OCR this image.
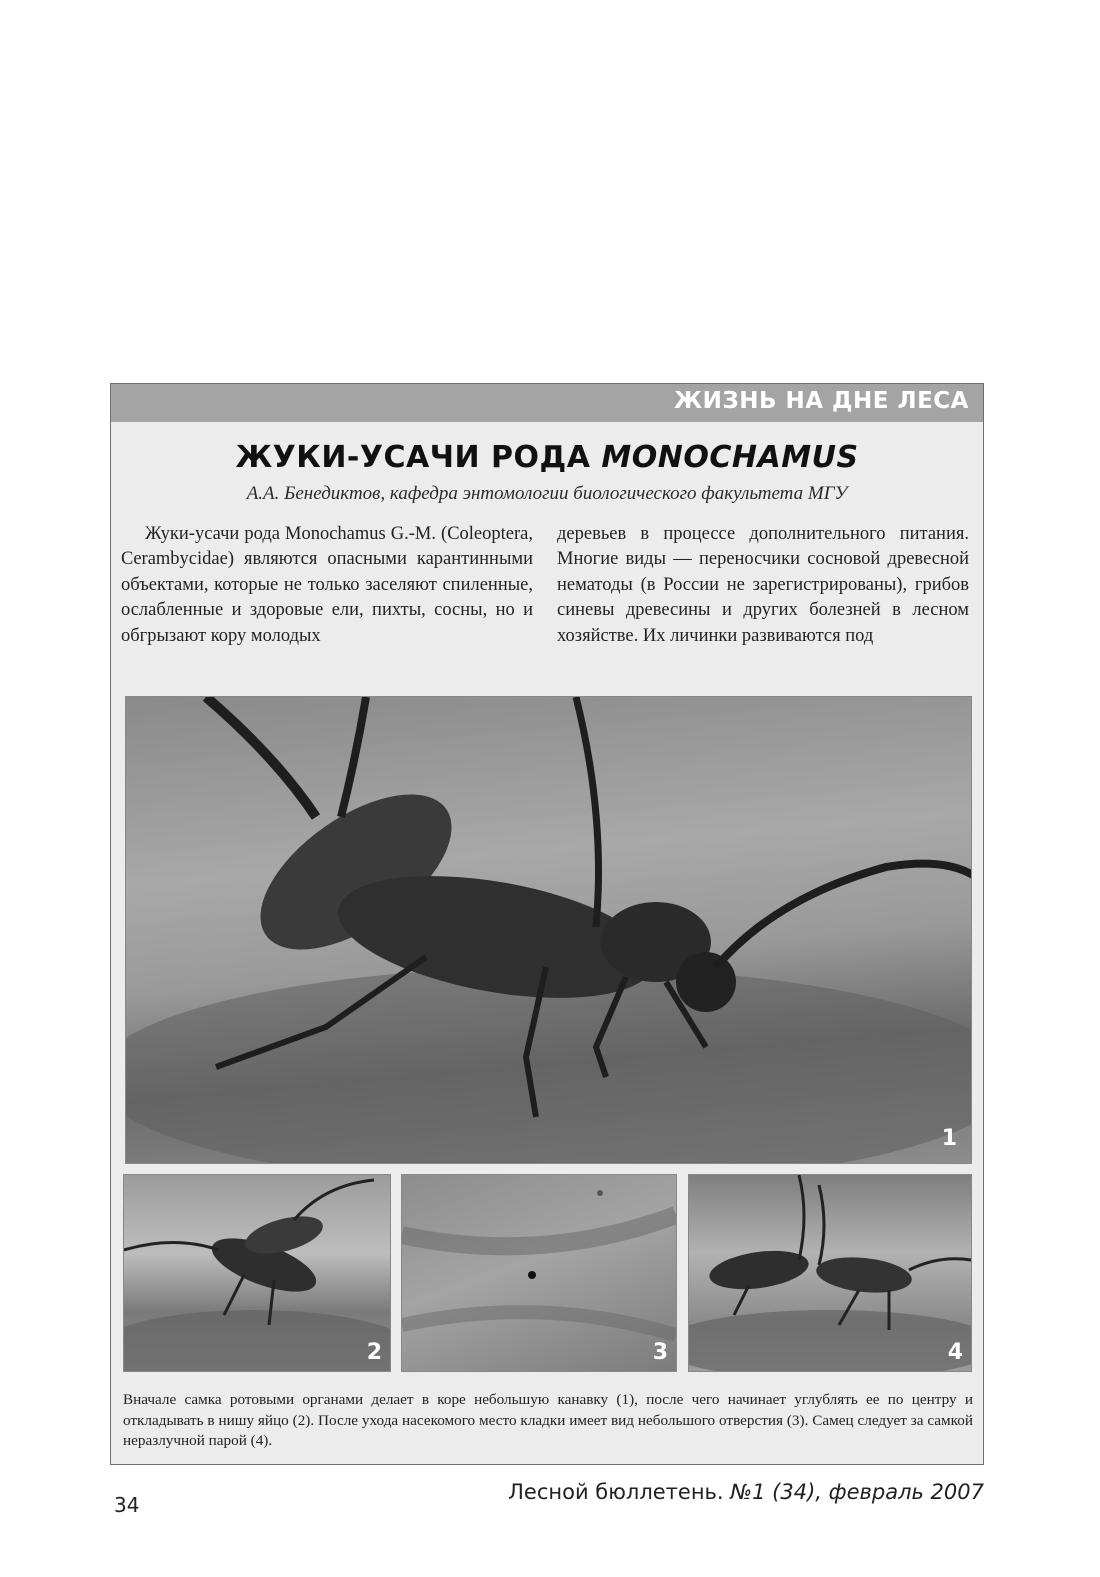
ЖИЗНЬ НА ДНЕ ЛЕСА
ЖУКИ-УСАЧИ РОДА MONOCHAMUS
А.А. Бенедиктов, кафедра энтомологии биологического факультета МГУ

Жуки-усачи рода Monochamus G.-M. (Coleoptera, Cerambycidae) являются опасными карантинными объектами, которые не только заселяют спиленные, ослабленные и здоровые ели, пихты, сосны, но и обгрызают кору молодых

деревьев в процессе дополнительного питания. Многие виды — переносчики сосновой древесной нематоды (в России не зарегистрированы), грибов синевы древесины и других болезней в лесном хозяйстве. Их личинки развиваются под

1
2	3	4
Вначале самка ротовыми органами делает в коре небольшую канавку (1), после чего начинает углублять ее по центру и откладывать в нишу яйцо (2). После ухода насекомого место кладки имеет вид небольшого отверстия (3). Самец следует за самкой неразлучной парой (4).
34
Лесной бюллетень. №1 (34), февраль 2007
